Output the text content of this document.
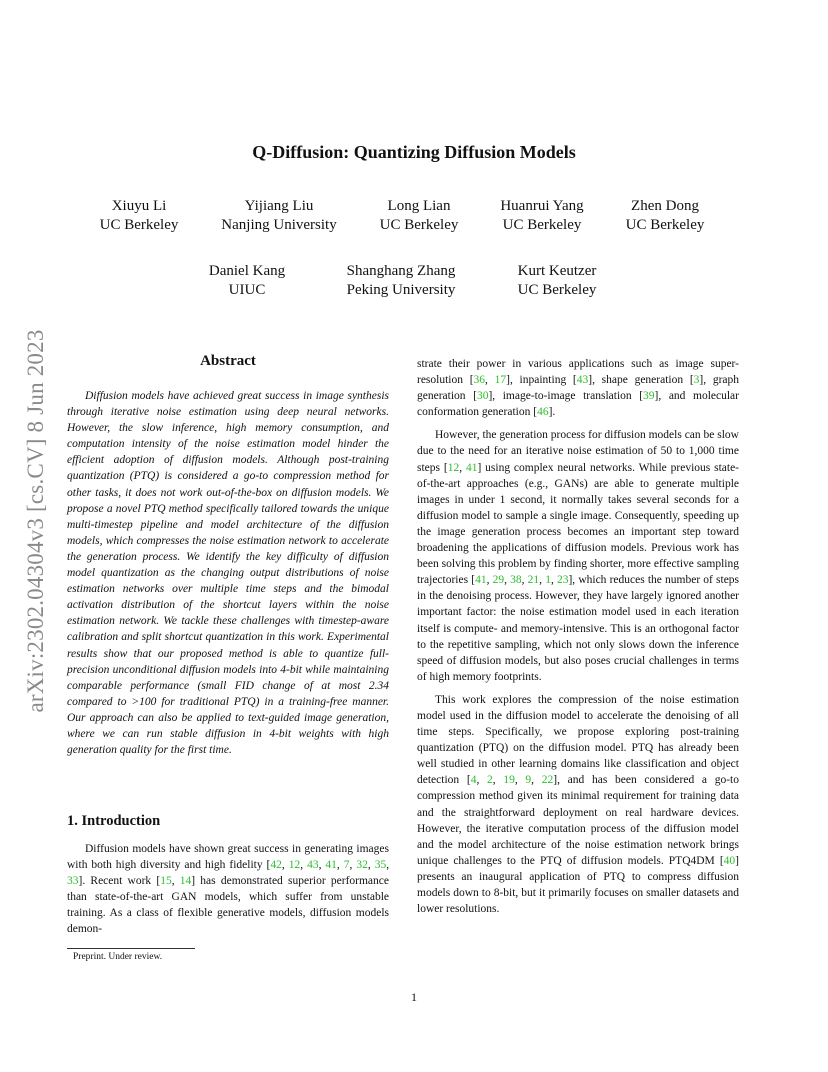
arXiv:2302.04304v3 [cs.CV] 8 Jun 2023
Q-Diffusion: Quantizing Diffusion Models
Xiuyu Li
UC Berkeley
Yijiang Liu
Nanjing University
Long Lian
UC Berkeley
Huanrui Yang
UC Berkeley
Zhen Dong
UC Berkeley
Daniel Kang
UIUC
Shanghang Zhang
Peking University
Kurt Keutzer
UC Berkeley
Abstract

Diffusion models have achieved great success in image synthesis through iterative noise estimation using deep neural networks. However, the slow inference, high memory consumption, and computation intensity of the noise estimation model hinder the efficient adoption of diffusion models. Although post-training quantization (PTQ) is considered a go-to compression method for other tasks, it does not work out-of-the-box on diffusion models. We propose a novel PTQ method specifically tailored towards the unique multi-timestep pipeline and model architecture of the diffusion models, which compresses the noise estimation network to accelerate the generation process. We identify the key difficulty of diffusion model quantization as the changing output distributions of noise estimation networks over multiple time steps and the bimodal activation distribution of the shortcut layers within the noise estimation network. We tackle these challenges with timestep-aware calibration and split shortcut quantization in this work. Experimental results show that our proposed method is able to quantize full-precision unconditional diffusion models into 4-bit while maintaining comparable performance (small FID change of at most 2.34 compared to >100 for traditional PTQ) in a training-free manner. Our approach can also be applied to text-guided image generation, where we can run stable diffusion in 4-bit weights with high generation quality for the first time.

1. Introduction

Diffusion models have shown great success in generating images with both high diversity and high fidelity [42, 12, 43, 41, 7, 32, 35, 33]. Recent work [15, 14] has demonstrated superior performance than state-of-the-art GAN models, which suffer from unstable training. As a class of flexible generative models, diffusion models demon-

Preprint. Under review.

strate their power in various applications such as image super-resolution [36, 17], inpainting [43], shape generation [3], graph generation [30], image-to-image translation [39], and molecular conformation generation [46].

However, the generation process for diffusion models can be slow due to the need for an iterative noise estimation of 50 to 1,000 time steps [12, 41] using complex neural networks. While previous state-of-the-art approaches (e.g., GANs) are able to generate multiple images in under 1 second, it normally takes several seconds for a diffusion model to sample a single image. Consequently, speeding up the image generation process becomes an important step toward broadening the applications of diffusion models. Previous work has been solving this problem by finding shorter, more effective sampling trajectories [41, 29, 38, 21, 1, 23], which reduces the number of steps in the denoising process. However, they have largely ignored another important factor: the noise estimation model used in each iteration itself is compute- and memory-intensive. This is an orthogonal factor to the repetitive sampling, which not only slows down the inference speed of diffusion models, but also poses crucial challenges in terms of high memory footprints.

This work explores the compression of the noise estimation model used in the diffusion model to accelerate the denoising of all time steps. Specifically, we propose exploring post-training quantization (PTQ) on the diffusion model. PTQ has already been well studied in other learning domains like classification and object detection [4, 2, 19, 9, 22], and has been considered a go-to compression method given its minimal requirement for training data and the straightforward deployment on real hardware devices. However, the iterative computation process of the diffusion model and the model architecture of the noise estimation network brings unique challenges to the PTQ of diffusion models. PTQ4DM [40] presents an inaugural application of PTQ to compress diffusion models down to 8-bit, but it primarily focuses on smaller datasets and lower resolutions.

1
